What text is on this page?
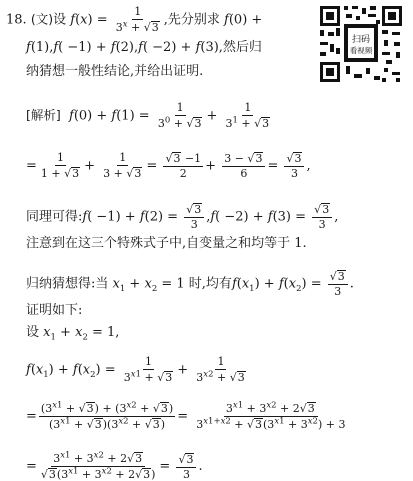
18. (文)设 $f(x) = \frac{1}{3^x + √3}$ ,先分别求 f(0) +
f(1),f( −1) + f(2),f( −2) + f(3),然后归
纳猜想一般性结论,并给出证明.
扫码
看视频
[解析] $f(0) + f(1) = \frac{1}{3^0 + √3} + \frac{1}{3^1 + √3}$
= $\frac{1}{1 + √3} + \frac{1}{3 + √3} = \frac{√3 -1}{2} + \frac{3 - √3}{6} = \frac{√3}{3}$ ,
同理可得:f( $-1) + f(2) = \frac{√3}{3} ,f( -2) + f(3) = \frac{√3}{3}$ ,
注意到在这三个特殊式子中,自变量之和均等于 1.
归纳猜想得:当 $x_1 + x_2 = 1$ 时,均有$f(x_1) + f(x_2) = \frac{√3}{3}$ .
证明如下:
设 $x_1 + x_2 = 1$,
$f(x_1) + f(x_2) = \frac{1}{3^{x1} + √3} + \frac{1}{3^{x2} + √3}$
= $\frac{(3^{x1} + √3) + (3^{x2} + √3)}{(3^{x1} + √3)(3^{x2} + √3)} = \frac{3^{x1} + 3^{x2} + 2√3}{3^{x1+x2} + √3(3^{x1} + 3^{x2}) + 3}$
= $\frac{3^{x1} + 3^{x2} + 2√3}{√3(3^{x1} + 3^{x2} + 2√3)} = \frac{√3}{3}$ .
